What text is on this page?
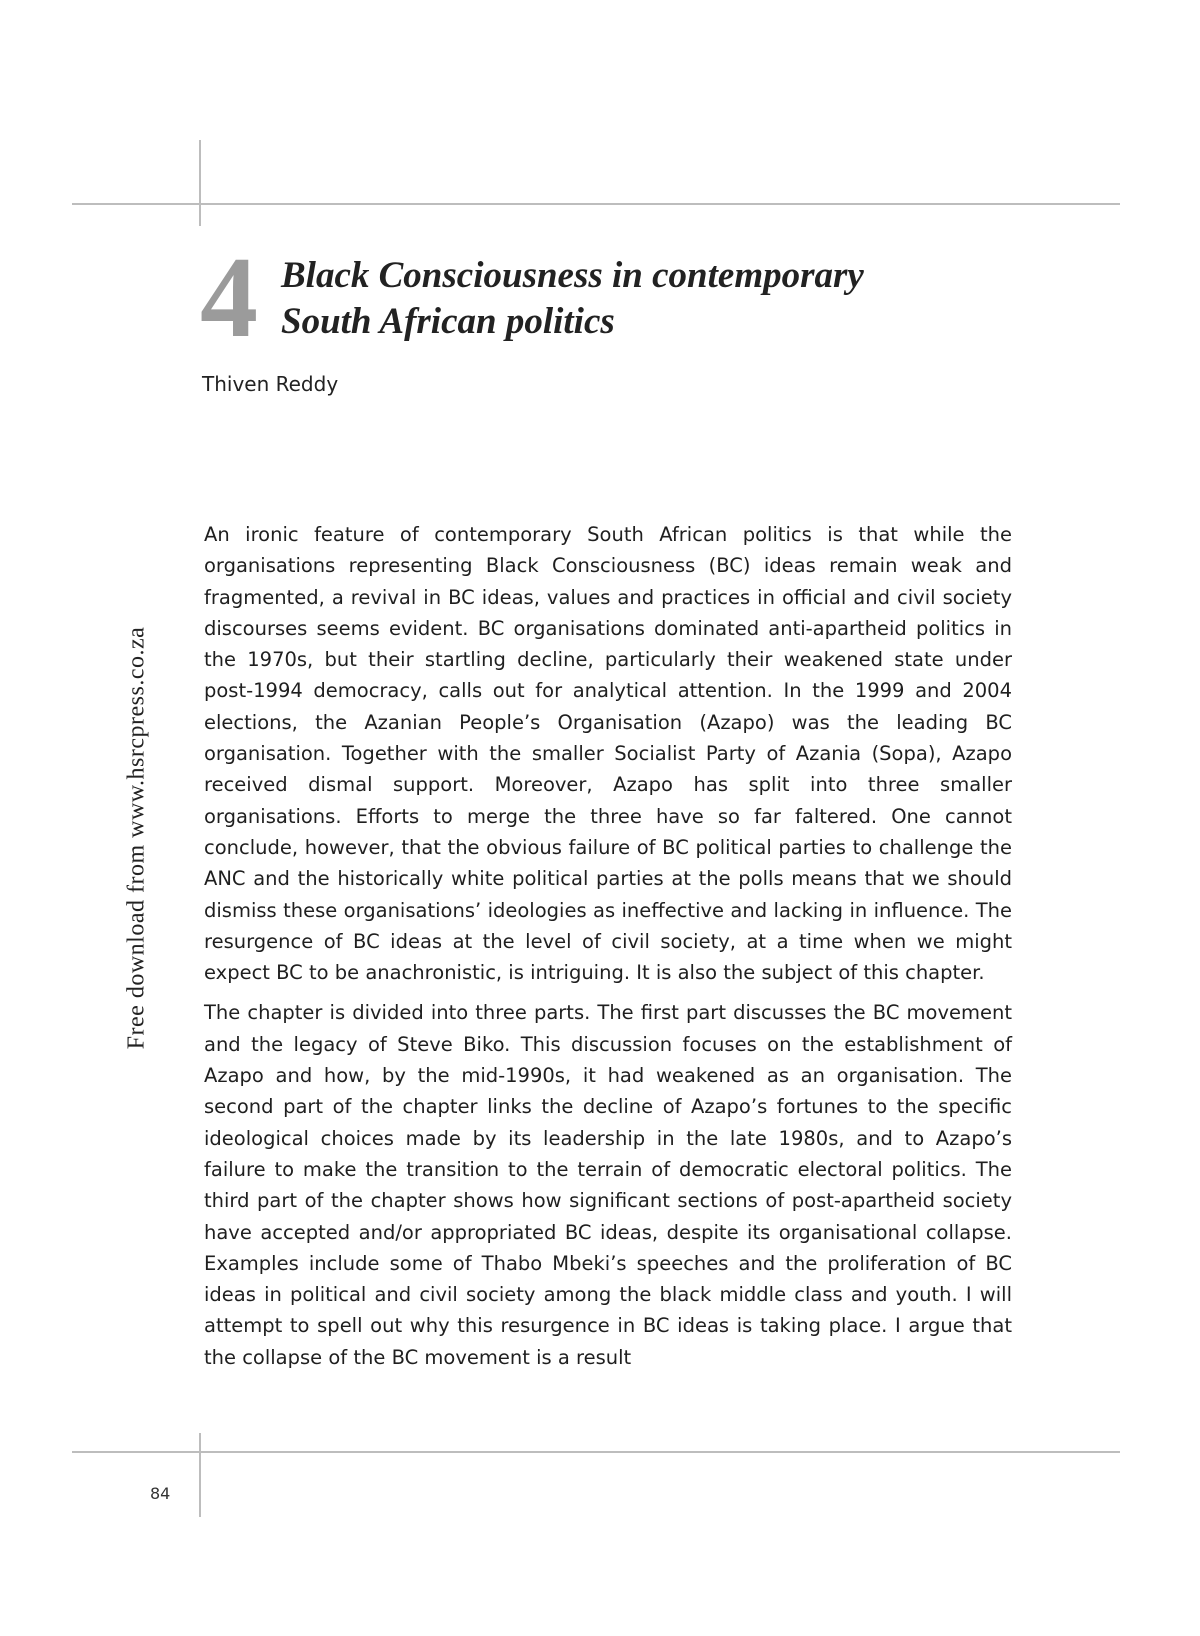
4 Black Consciousness in contemporary
South African politics
Thiven Reddy
Free download from www.hsrcpress.co.za

An ironic feature of contemporary South African politics is that while the organisations representing Black Consciousness (BC) ideas remain weak and fragmented, a revival in BC ideas, values and practices in official and civil society discourses seems evident. BC organisations dominated anti-apartheid politics in the 1970s, but their startling decline, particularly their weakened state under post-1994 democracy, calls out for analytical attention. In the 1999 and 2004 elections, the Azanian People’s Organisation (Azapo) was the leading BC organisation. Together with the smaller Socialist Party of Azania (Sopa), Azapo received dismal support. Moreover, Azapo has split into three smaller organisations. Efforts to merge the three have so far faltered. One cannot conclude, however, that the obvious failure of BC political parties to challenge the ANC and the historically white political parties at the polls means that we should dismiss these organisations’ ideologies as ineffective and lacking in influence. The resurgence of BC ideas at the level of civil society, at a time when we might expect BC to be anachronistic, is intriguing. It is also the subject of this chapter.

The chapter is divided into three parts. The first part discusses the BC movement and the legacy of Steve Biko. This discussion focuses on the establishment of Azapo and how, by the mid-1990s, it had weakened as an organisation. The second part of the chapter links the decline of Azapo’s fortunes to the specific ideological choices made by its leadership in the late 1980s, and to Azapo’s failure to make the transition to the terrain of democratic electoral politics. The third part of the chapter shows how significant sections of post-apartheid society have accepted and/or appropriated BC ideas, despite its organisational collapse. Examples include some of Thabo Mbeki’s speeches and the proliferation of BC ideas in political and civil society among the black middle class and youth. I will attempt to spell out why this resurgence in BC ideas is taking place. I argue that the collapse of the BC movement is a result

84
